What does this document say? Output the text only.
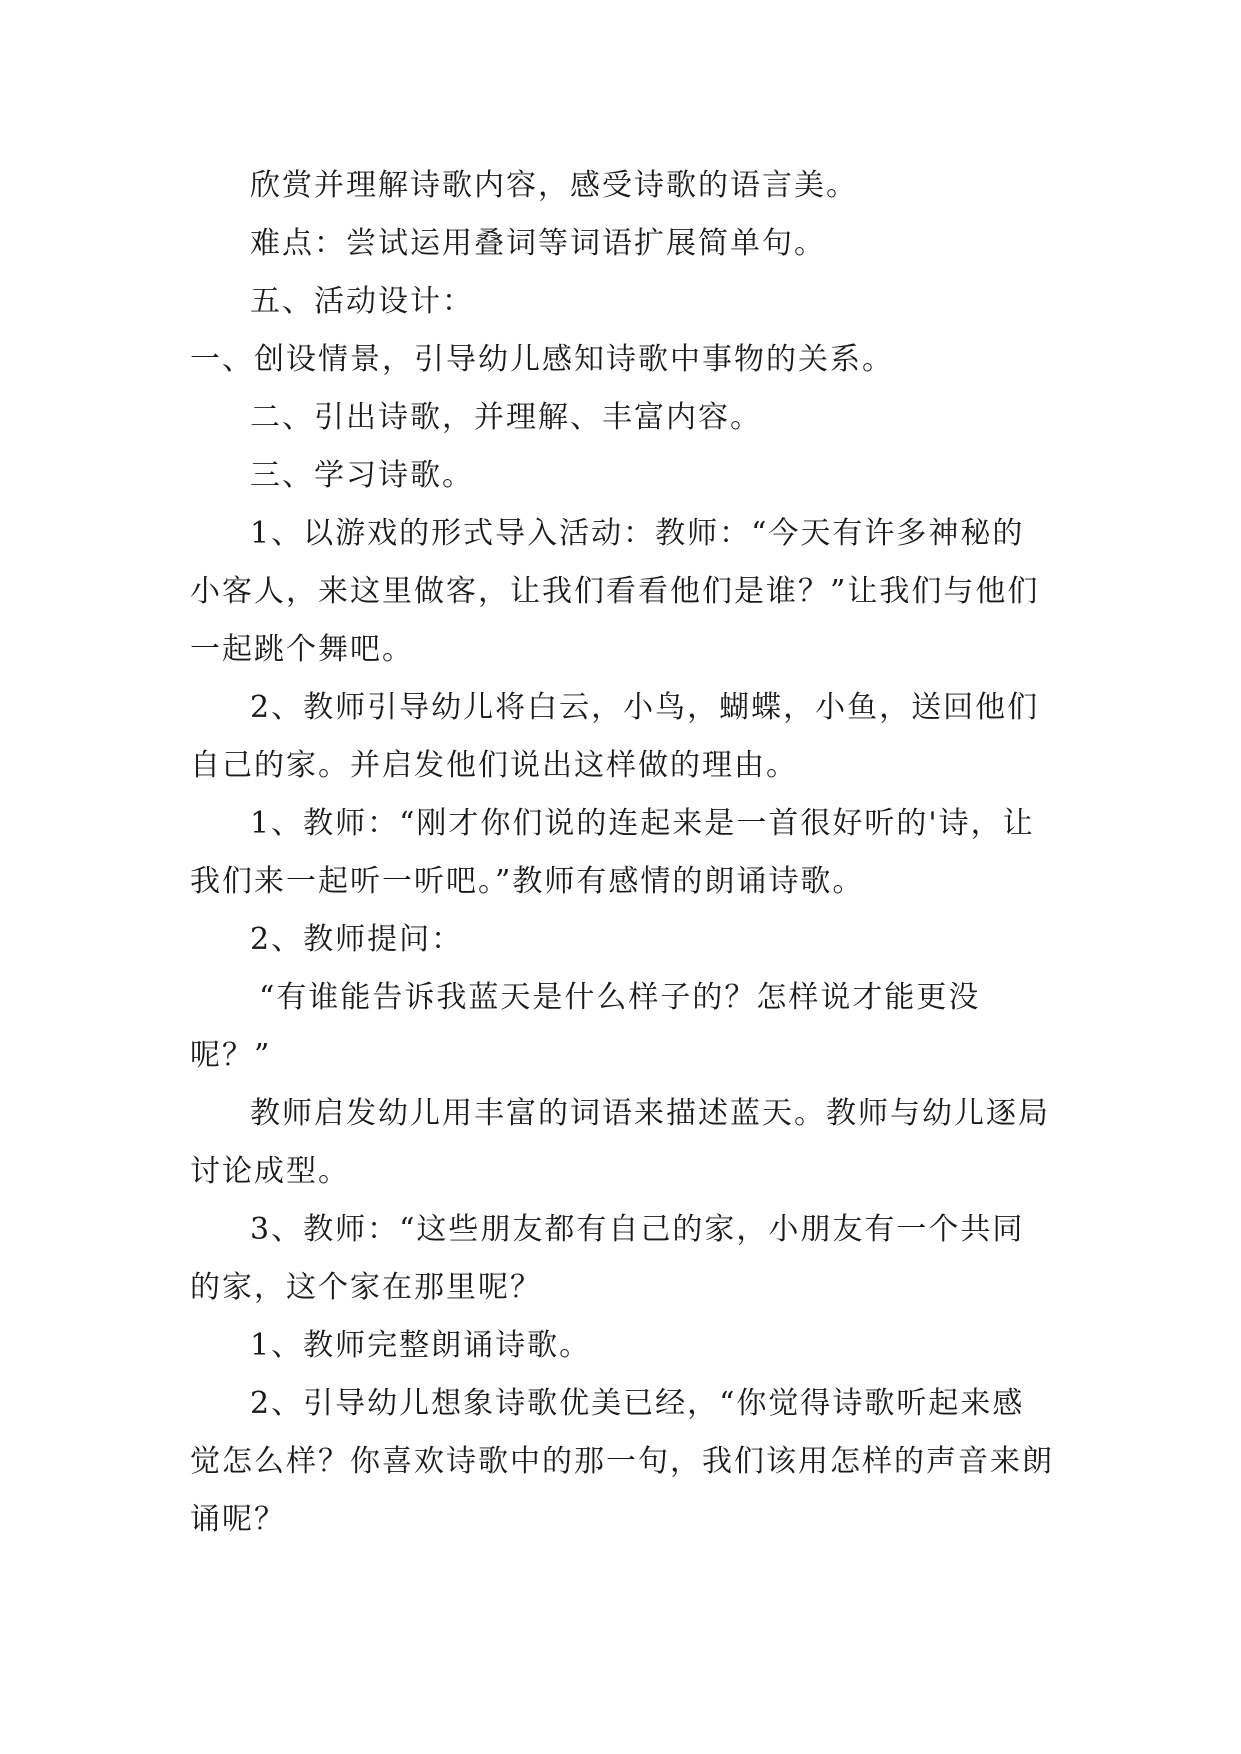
欣赏并理解诗歌内容，感受诗歌的语言美。

难点：尝试运用叠词等词语扩展简单句。

五、活动设计：

一、创设情景，引导幼儿感知诗歌中事物的关系。

二、引出诗歌，并理解、丰富内容。

三、学习诗歌。

1、以游戏的形式导入活动：教师：“今天有许多神秘的小客人，来这里做客，让我们看看他们是谁？”让我们与他们一起跳个舞吧。

2、教师引导幼儿将白云，小鸟，蝴蝶，小鱼，送回他们自己的家。并启发他们说出这样做的理由。

1、教师：“刚才你们说的连起来是一首很好听的'诗，让我们来一起听一听吧。”教师有感情的朗诵诗歌。

2、教师提问：

“有谁能告诉我蓝天是什么样子的？怎样说才能更没呢？”

教师启发幼儿用丰富的词语来描述蓝天。教师与幼儿逐局讨论成型。

3、教师：“这些朋友都有自己的家，小朋友有一个共同的家，这个家在那里呢？

1、教师完整朗诵诗歌。

2、引导幼儿想象诗歌优美已经，“你觉得诗歌听起来感觉怎么样？你喜欢诗歌中的那一句，我们该用怎样的声音来朗诵呢？
